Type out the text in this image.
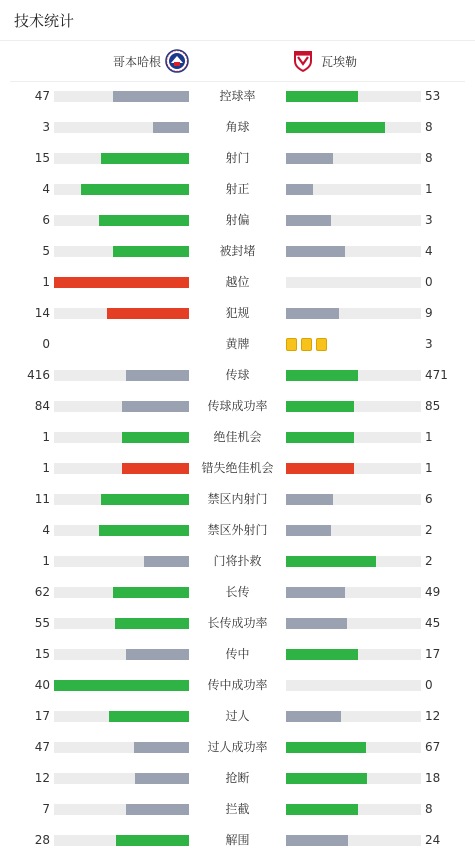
技术统计
哥本哈根	瓦埃勒
47	控球率	53
3	角球	8
15	射门	8
4	射正	1
6	射偏	3
5	被封堵	4
1	越位	0
14	犯规	9
0	黄牌	3
416	传球	471
84	传球成功率	85
1	绝佳机会	1
1	错失绝佳机会	1
11	禁区内射门	6
4	禁区外射门	2
1	门将扑救	2
62	长传	49
55	长传成功率	45
15	传中	17
40	传中成功率	0
17	过人	12
47	过人成功率	67
12	抢断	18
7	拦截	8
28	解围	24
